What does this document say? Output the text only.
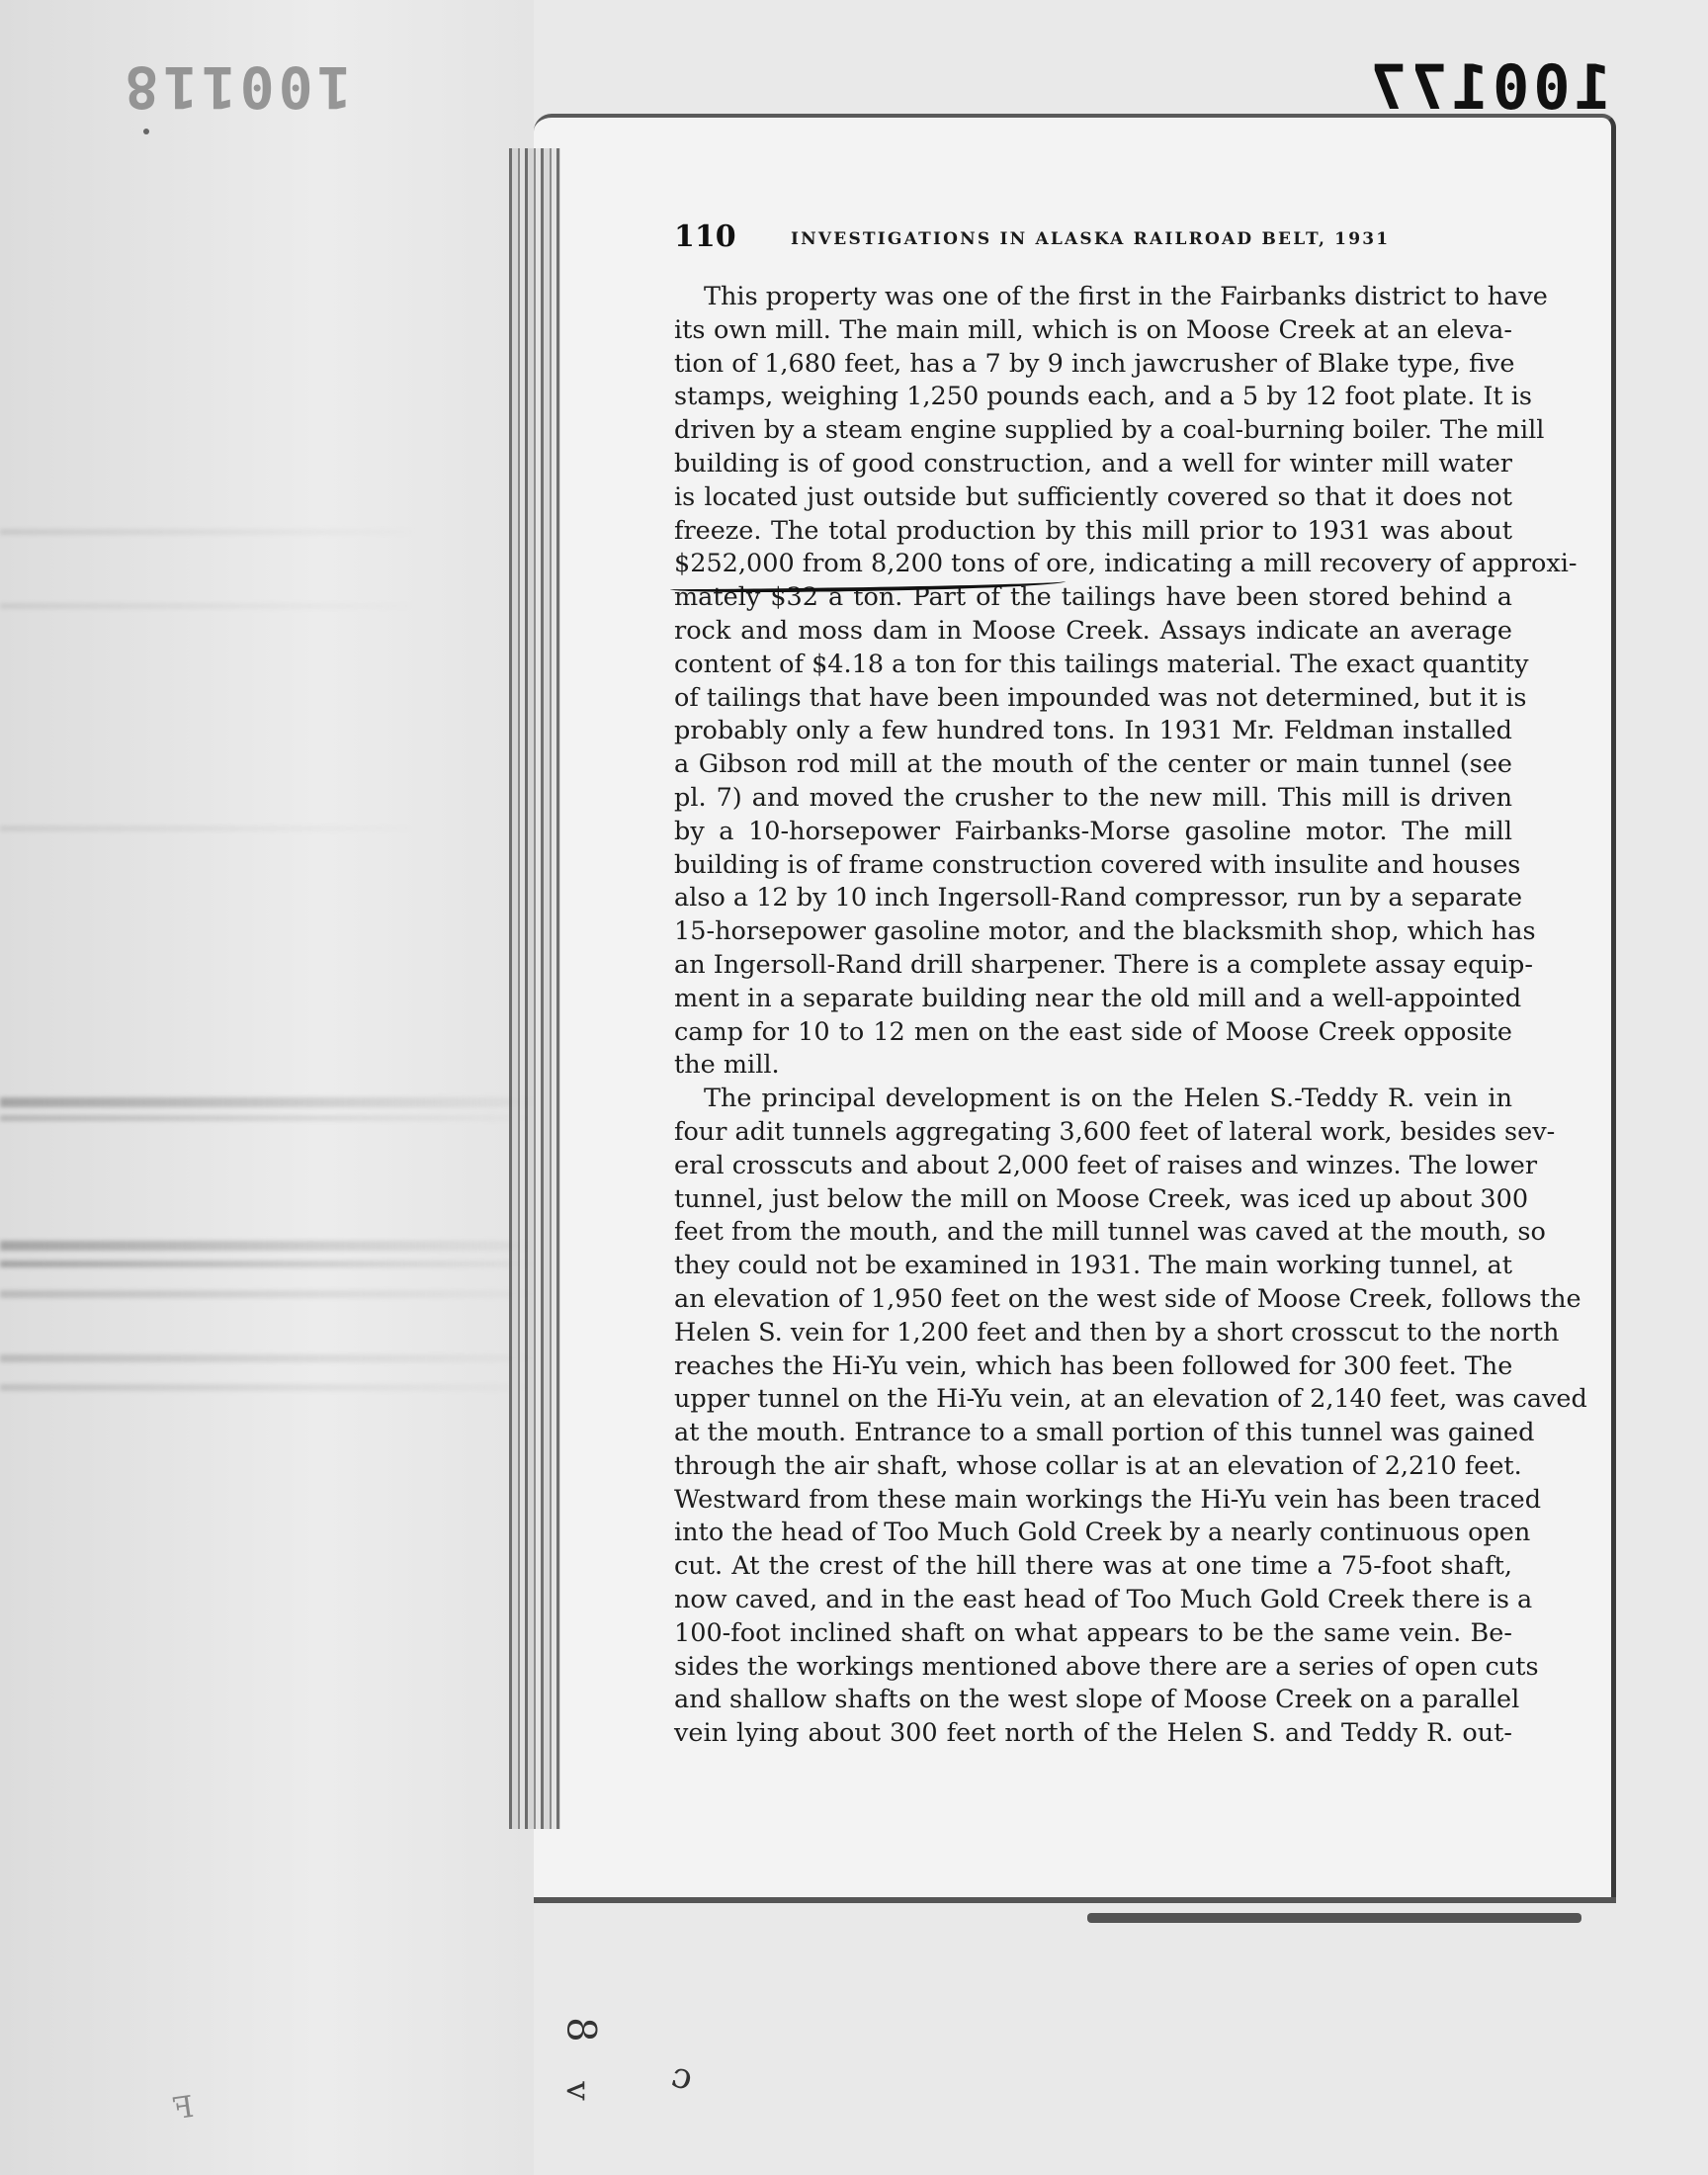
100118	100177
110	INVESTIGATIONS IN ALASKA RAILROAD BELT, 1931
This property was one of the first in the Fairbanks district to have
its own mill. The main mill, which is on Moose Creek at an eleva-
tion of 1,680 feet, has a 7 by 9 inch jawcrusher of Blake type, five
stamps, weighing 1,250 pounds each, and a 5 by 12 foot plate. It is
driven by a steam engine supplied by a coal-burning boiler. The mill
building is of good construction, and a well for winter mill water
is located just outside but sufficiently covered so that it does not
freeze. The total production by this mill prior to 1931 was about
$252,000 from 8,200 tons of ore, indicating a mill recovery of approxi-
mately $32 a ton. Part of the tailings have been stored behind a
rock and moss dam in Moose Creek. Assays indicate an average
content of $4.18 a ton for this tailings material. The exact quantity
of tailings that have been impounded was not determined, but it is
probably only a few hundred tons. In 1931 Mr. Feldman installed
a Gibson rod mill at the mouth of the center or main tunnel (see
pl. 7) and moved the crusher to the new mill. This mill is driven
by a 10-horsepower Fairbanks-Morse gasoline motor. The mill
building is of frame construction covered with insulite and houses
also a 12 by 10 inch Ingersoll-Rand compressor, run by a separate
15-horsepower gasoline motor, and the blacksmith shop, which has
an Ingersoll-Rand drill sharpener. There is a complete assay equip-
ment in a separate building near the old mill and a well-appointed
camp for 10 to 12 men on the east side of Moose Creek opposite
the mill.
The principal development is on the Helen S.-Teddy R. vein in
four adit tunnels aggregating 3,600 feet of lateral work, besides sev-
eral crosscuts and about 2,000 feet of raises and winzes. The lower
tunnel, just below the mill on Moose Creek, was iced up about 300
feet from the mouth, and the mill tunnel was caved at the mouth, so
they could not be examined in 1931. The main working tunnel, at
an elevation of 1,950 feet on the west side of Moose Creek, follows the
Helen S. vein for 1,200 feet and then by a short crosscut to the north
reaches the Hi-Yu vein, which has been followed for 300 feet. The
upper tunnel on the Hi-Yu vein, at an elevation of 2,140 feet, was caved
at the mouth. Entrance to a small portion of this tunnel was gained
through the air shaft, whose collar is at an elevation of 2,210 feet.
Westward from these main workings the Hi-Yu vein has been traced
into the head of Too Much Gold Creek by a nearly continuous open
cut. At the crest of the hill there was at one time a 75-foot shaft,
now caved, and in the east head of Too Much Gold Creek there is a
100-foot inclined shaft on what appears to be the same vein. Be-
sides the workings mentioned above there are a series of open cuts
and shallow shafts on the west slope of Moose Creek on a parallel
vein lying about 300 feet north of the Helen S. and Teddy R. out-
8
v ɔ
ꟻ
